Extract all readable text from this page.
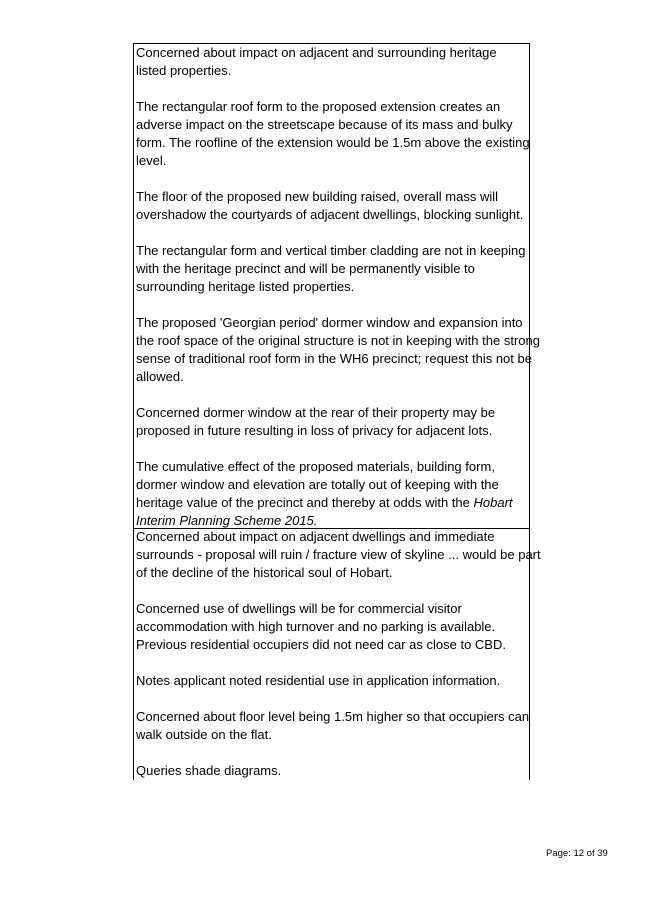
Concerned about impact on adjacent and surrounding heritage
listed properties.
The rectangular roof form to the proposed extension creates an
adverse impact on the streetscape because of its mass and bulky
form. The roofline of the extension would be 1.5m above the existing
level.
The floor of the proposed new building raised, overall mass will
overshadow the courtyards of adjacent dwellings, blocking sunlight.
The rectangular form and vertical timber cladding are not in keeping
with the heritage precinct and will be permanently visible to
surrounding heritage listed properties.
The proposed 'Georgian period' dormer window and expansion into
the roof space of the original structure is not in keeping with the strong
sense of traditional roof form in the WH6 precinct; request this not be
allowed.
Concerned dormer window at the rear of their property may be
proposed in future resulting in loss of privacy for adjacent lots.
The cumulative effect of the proposed materials, building form,
dormer window and elevation are totally out of keeping with the
heritage value of the precinct and thereby at odds with the Hobart
Interim Planning Scheme 2015.
Concerned about impact on adjacent dwellings and immediate
surrounds - proposal will ruin / fracture view of skyline ... would be part
of the decline of the historical soul of Hobart.
Concerned use of dwellings will be for commercial visitor
accommodation with high turnover and no parking is available.
Previous residential occupiers did not need car as close to CBD.
Notes applicant noted residential use in application information.
Concerned about floor level being 1.5m higher so that occupiers can
walk outside on the flat.
Queries shade diagrams.
Page: 12 of 39
